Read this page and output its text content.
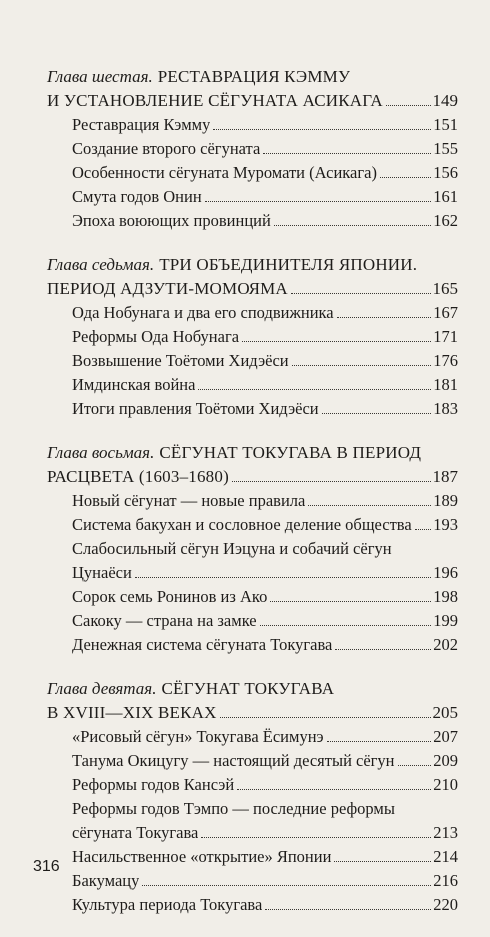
Глава шестая. РЕСТАВРАЦИЯ КЭММУ
И УСТАНОВЛЕНИЕ СЁГУНАТА АСИКАГА	149
Реставрация Кэмму	151
Создание второго сёгуната	155
Особенности сёгуната Муромати (Асикага)	156
Смута годов Онин	161
Эпоха воюющих провинций	162
Глава седьмая. ТРИ ОБЪЕДИНИТЕЛЯ ЯПОНИИ.
ПЕРИОД АДЗУТИ-МОМОЯМА	165
Ода Нобунага и два его сподвижника	167
Реформы Ода Нобунага	171
Возвышение Тоётоми Хидэёси	176
Имдинская война	181
Итоги правления Тоётоми Хидэёси	183
Глава восьмая. СЁГУНАТ ТОКУГАВА В ПЕРИОД
РАСЦВЕТА (1603–1680)	187
Новый сёгунат — новые правила	189
Система бакухан и сословное деление общества 193
Слабосильный сёгун Иэцуна и собачий сёгун
Цунаёси	196
Сорок семь Ронинов из Ако	198
Сакоку — страна на замке	199
Денежная система сёгуната Токугава	202
Глава девятая. СЁГУНАТ ТОКУГАВА
В XVIII—XIX ВЕКАХ	205
«Рисовый сёгун» Токугава Ёсимунэ	207
Танума Окицугу — настоящий десятый сёгун 209
Реформы годов Кансэй	210
Реформы годов Тэмпо — последние реформы
сёгуната Токугава	213
Насильственное «открытие» Японии	214
Бакумацу	216
Культура периода Токугава	220
316
